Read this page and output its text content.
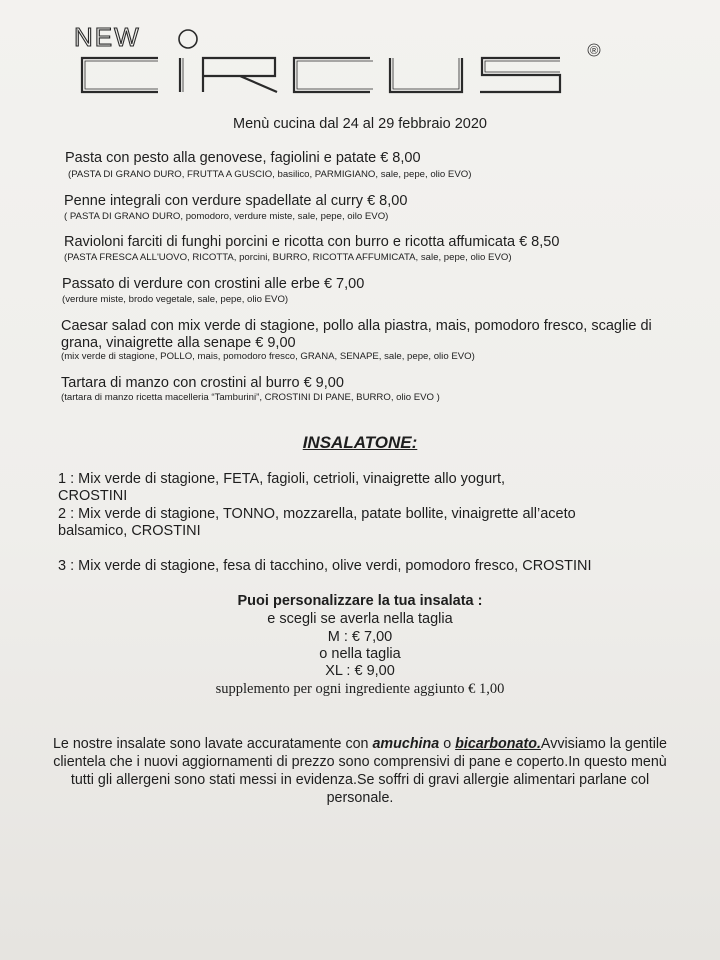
NEW	®
Menù cucina dal 24 al 29 febbraio 2020
Pasta con pesto alla genovese, fagiolini e patate € 8,00
(PASTA DI GRANO DURO, FRUTTA A GUSCIO, basilico, PARMIGIANO, sale, pepe, olio EVO)
Penne integrali con verdure spadellate al curry € 8,00
( PASTA DI GRANO DURO, pomodoro, verdure miste, sale, pepe, oilo EVO)
Ravioloni farciti di funghi porcini e ricotta con burro e ricotta affumicata € 8,50
(PASTA FRESCA ALL'UOVO, RICOTTA, porcini, BURRO, RICOTTA AFFUMICATA, sale, pepe, olio EVO)
Passato di verdure con crostini alle erbe € 7,00
(verdure miste, brodo vegetale, sale, pepe, olio EVO)
Caesar salad con mix verde di stagione, pollo alla piastra, mais, pomodoro fresco, scaglie di grana, vinaigrette alla senape € 9,00
(mix verde di stagione, POLLO, mais, pomodoro fresco, GRANA, SENAPE, sale, pepe, olio EVO)
Tartara di manzo con crostini al burro € 9,00
(tartara di manzo ricetta macelleria “Tamburini”, CROSTINI DI PANE, BURRO, olio EVO )
INSALATONE:
1 : Mix verde di stagione, FETA, fagioli, cetrioli, vinaigrette allo yogurt, CROSTINI
2 : Mix verde di stagione, TONNO, mozzarella, patate bollite, vinaigrette all’aceto balsamico, CROSTINI
3 : Mix verde di stagione, fesa di tacchino, olive verdi, pomodoro fresco, CROSTINI
Puoi personalizzare la tua insalata :
e scegli se averla nella taglia
M : € 7,00
o nella taglia
XL : € 9,00
supplemento per ogni ingrediente aggiunto € 1,00
Le nostre insalate sono lavate accuratamente con amuchina o bicarbonato.Avvisiamo la gentile clientela che i nuovi aggiornamenti di prezzo sono comprensivi di pane e coperto.In questo menù tutti gli allergeni sono stati messi in evidenza.Se soffri di gravi allergie alimentari parlane col personale.
